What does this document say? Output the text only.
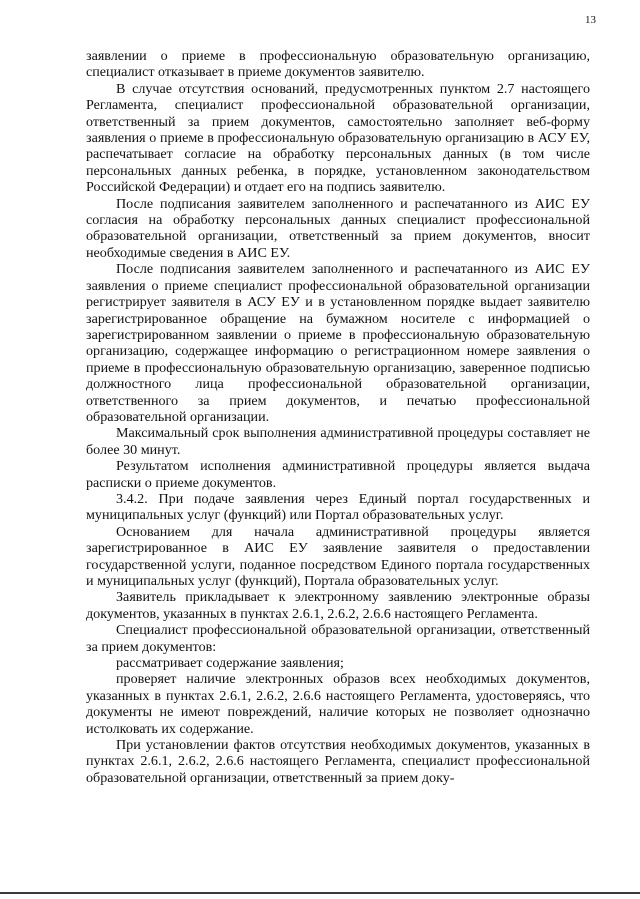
13

заявлении о приеме в профессиональную образовательную организацию, специалист отказывает в приеме документов заявителю.

В случае отсутствия оснований, предусмотренных пунктом 2.7 настоящего Регламента, специалист профессиональной образовательной организации, ответственный за прием документов, самостоятельно заполняет веб-форму заявления о приеме в профессиональную образовательную организацию в АСУ ЕУ, распечатывает согласие на обработку персональных данных (в том числе персональных данных ребенка, в порядке, установленном законодательством Российской Федерации) и отдает его на подпись заявителю.

После подписания заявителем заполненного и распечатанного из АИС ЕУ согласия на обработку персональных данных специалист профессиональной образовательной организации, ответственный за прием документов, вносит необходимые сведения в АИС ЕУ.

После подписания заявителем заполненного и распечатанного из АИС ЕУ заявления о приеме специалист профессиональной образовательной организации регистрирует заявителя в АСУ ЕУ и в установленном порядке выдает заявителю зарегистрированное обращение на бумажном носителе с информацией о зарегистрированном заявлении о приеме в профессиональную образовательную организацию, содержащее информацию о регистрационном номере заявления о приеме в профессиональную образовательную организацию, заверенное подписью должностного лица профессиональной образовательной организации, ответственного за прием документов, и печатью профессиональной образовательной организации.

Максимальный срок выполнения административной процедуры составляет не более 30 минут.

Результатом исполнения административной процедуры является выдача расписки о приеме документов.

3.4.2. При подаче заявления через Единый портал государственных и муниципальных услуг (функций) или Портал образовательных услуг.

Основанием для начала административной процедуры является зарегистрированное в АИС ЕУ заявление заявителя о предоставлении государственной услуги, поданное посредством Единого портала государственных и муниципальных услуг (функций), Портала образовательных услуг.

Заявитель прикладывает к электронному заявлению электронные образы документов, указанных в пунктах 2.6.1, 2.6.2, 2.6.6 настоящего Регламента.

Специалист профессиональной образовательной организации, ответственный за прием документов:

рассматривает содержание заявления;

проверяет наличие электронных образов всех необходимых документов, указанных в пунктах 2.6.1, 2.6.2, 2.6.6 настоящего Регламента, удостоверяясь, что документы не имеют повреждений, наличие которых не позволяет однозначно истолковать их содержание.

При установлении фактов отсутствия необходимых документов, указанных в пунктах 2.6.1, 2.6.2, 2.6.6 настоящего Регламента, специалист профессиональной образовательной организации, ответственный за прием доку-
